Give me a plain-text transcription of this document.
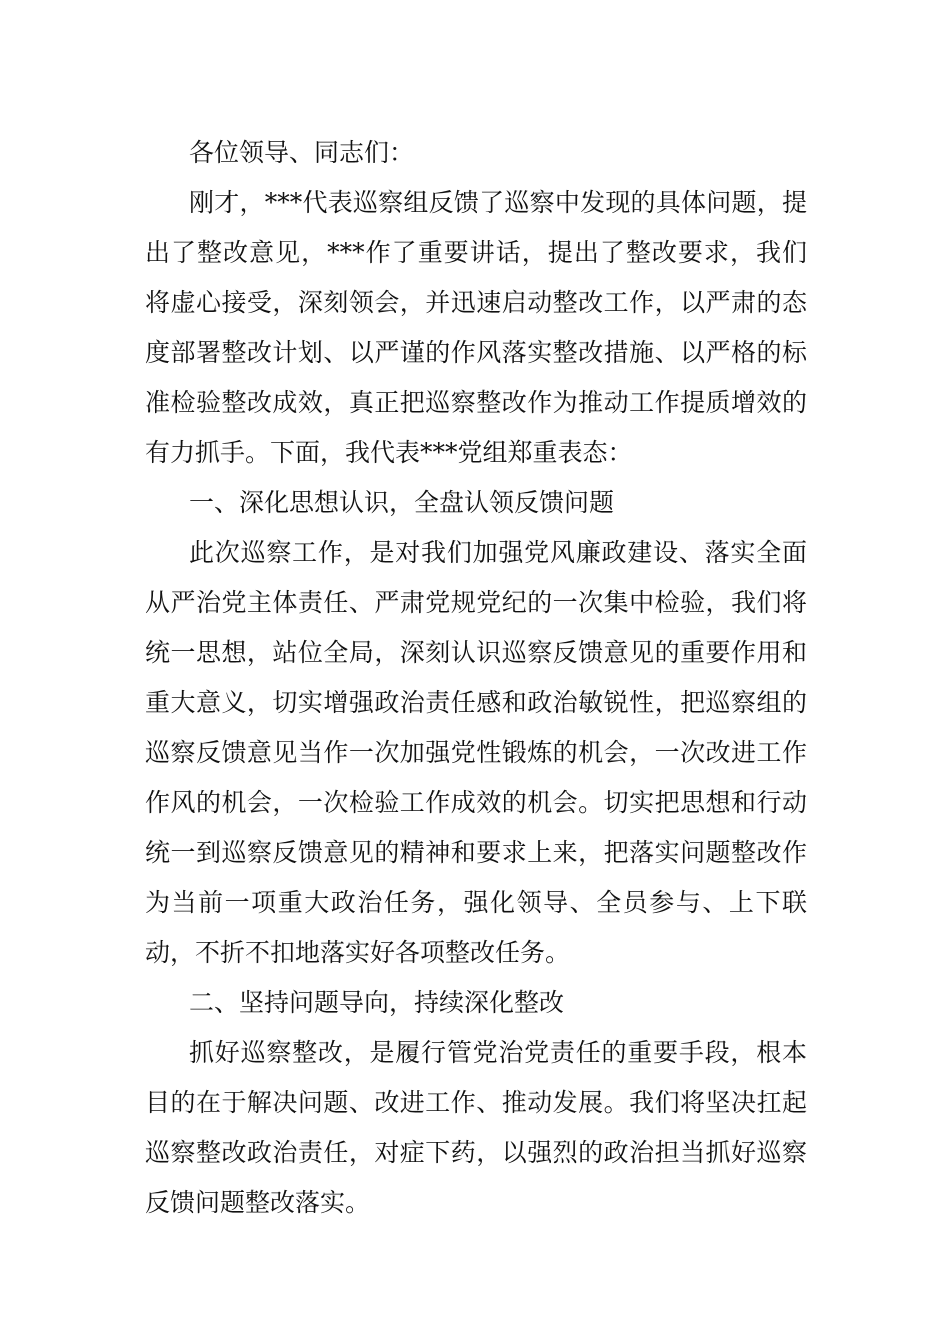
各位领导、同志们：

刚才，***代表巡察组反馈了巡察中发现的具体问题，提出了整改意见，***作了重要讲话，提出了整改要求，我们将虚心接受，深刻领会，并迅速启动整改工作，以严肃的态度部署整改计划、以严谨的作风落实整改措施、以严格的标准检验整改成效，真正把巡察整改作为推动工作提质增效的有力抓手。下面，我代表***党组郑重表态：

一、深化思想认识，全盘认领反馈问题

此次巡察工作，是对我们加强党风廉政建设、落实全面从严治党主体责任、严肃党规党纪的一次集中检验，我们将统一思想，站位全局，深刻认识巡察反馈意见的重要作用和重大意义，切实增强政治责任感和政治敏锐性，把巡察组的巡察反馈意见当作一次加强党性锻炼的机会，一次改进工作作风的机会，一次检验工作成效的机会。切实把思想和行动统一到巡察反馈意见的精神和要求上来，把落实问题整改作为当前一项重大政治任务，强化领导、全员参与、上下联动，不折不扣地落实好各项整改任务。

二、坚持问题导向，持续深化整改

抓好巡察整改，是履行管党治党责任的重要手段，根本目的在于解决问题、改进工作、推动发展。我们将坚决扛起巡察整改政治责任，对症下药，以强烈的政治担当抓好巡察反馈问题整改落实。
